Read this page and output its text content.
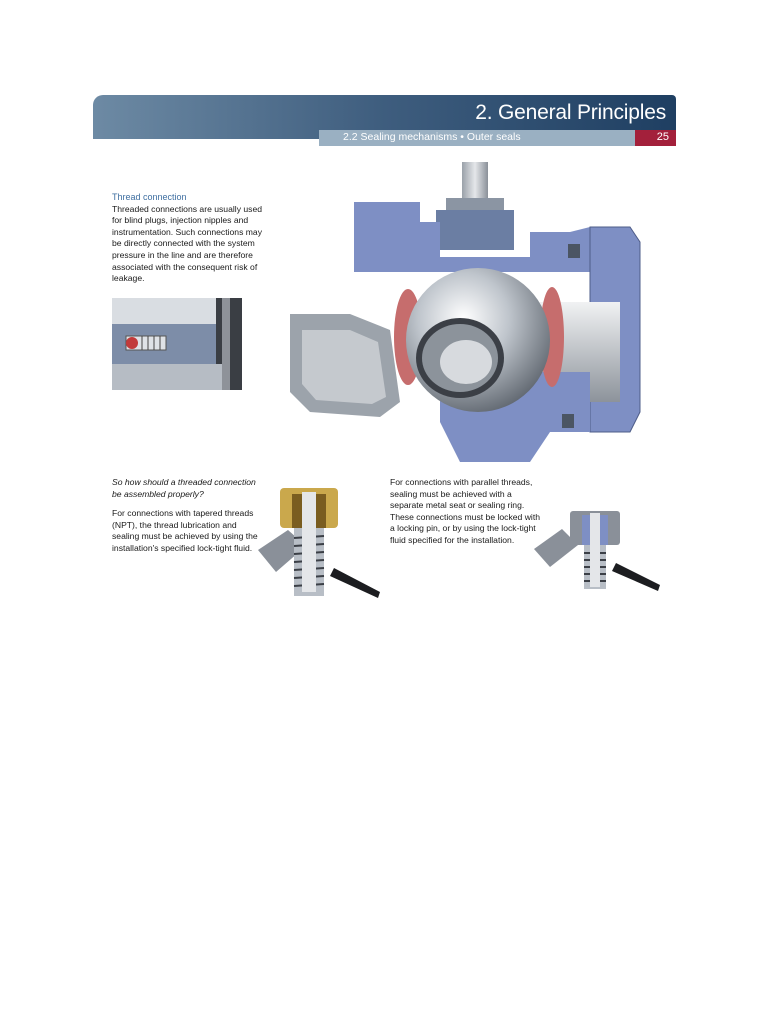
2. General Principles
2.2 Sealing mechanisms • Outer seals	25
Thread connection
Threaded connections are usually used for blind plugs, injection nipples and instrumentation. Such connections may be directly connected with the system pressure in the line and are therefore associated with the consequent risk of leakage.
So how should a threaded connection be assembled properly?
For connections with tapered threads (NPT), the thread lubrication and sealing must be achieved by using the installation's specified lock-tight fluid.
For connections with parallel threads, sealing must be achieved with a separate metal seat or sealing ring. These connections must be locked with a locking pin, or by using the lock-tight fluid specified for the installation.
